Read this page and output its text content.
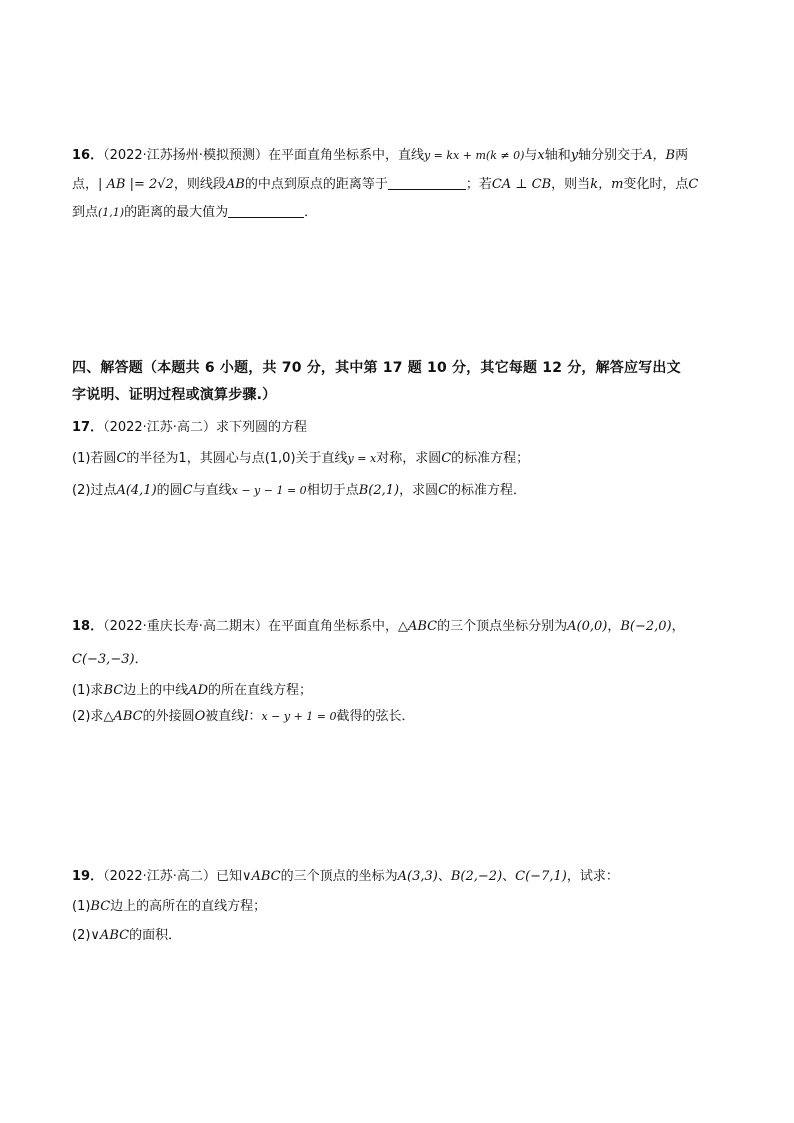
16．（2022·江苏扬州·模拟预测）在平面直角坐标系中，直线y = kx + m(k ≠ 0)与x轴和y轴分别交于A，B两
点，| AB |= 2√2，则线段AB的中点到原点的距离等于	；若CA ⊥ CB，则当k，m变化时，点C
到点(1,1)的距离的最大值为	．
四、解答题（本题共 6 小题，共 70 分，其中第 17 题 10 分，其它每题 12 分，解答应写出文
字说明、证明过程或演算步骤.）
17．（2022·江苏·高二）求下列圆的方程
(1)若圆C的半径为1，其圆心与点(1,0)关于直线y = x对称，求圆C的标准方程；
(2)过点A(4,1)的圆C与直线x − y − 1 = 0相切于点B(2,1)，求圆C的标准方程．
18．（2022·重庆长寿·高二期末）在平面直角坐标系中，△ABC的三个顶点坐标分别为A(0,0)，B(−2,0)，
C(−3,−3)．
(1)求BC边上的中线AD的所在直线方程；
(2)求△ABC的外接圆O被直线l：x − y + 1 = 0截得的弦长．
19．（2022·江苏·高二）已知∨ABC的三个顶点的坐标为A(3,3)、B(2,−2)、C(−7,1)，试求：
(1)BC边上的高所在的直线方程；
(2)∨ABC的面积．
